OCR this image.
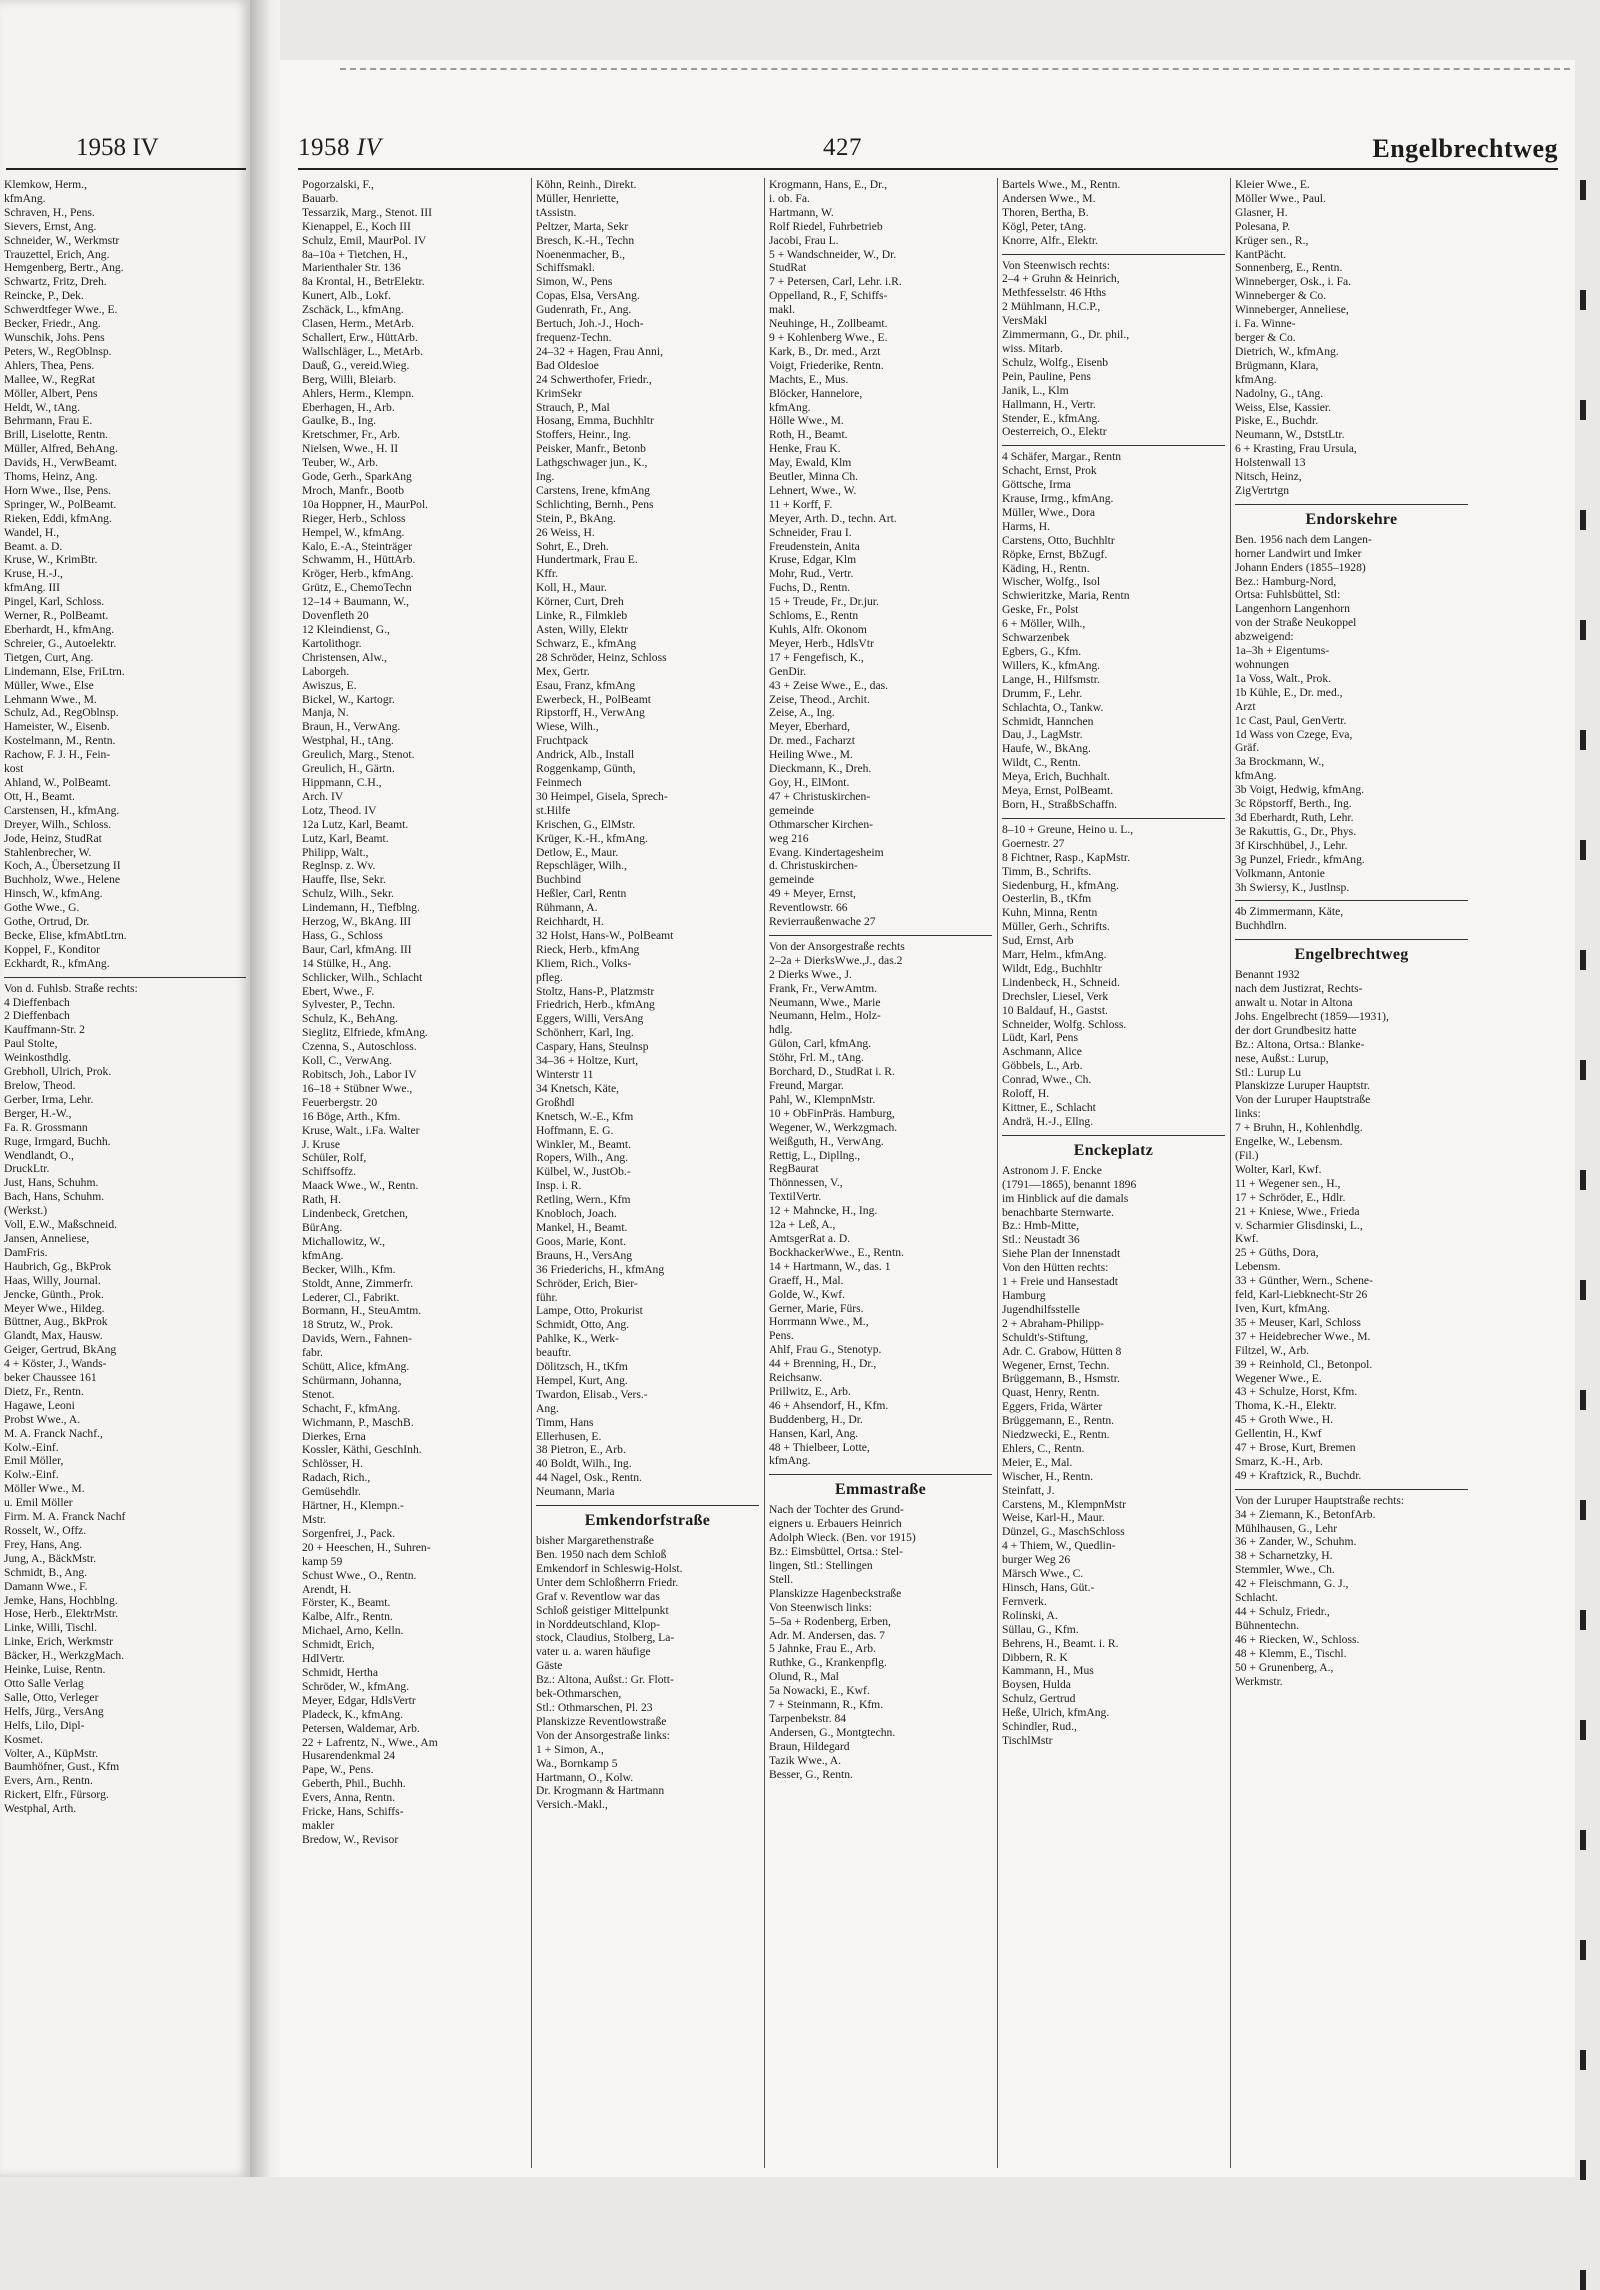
1958 IV
Klemkow, Herm.,
kfmAng.
Schraven, H., Pens.
Sievers, Ernst, Ang.
Schneider, W., Werkmstr
Trauzettel, Erich, Ang.
Hemgenberg, Bertr., Ang.
Schwartz, Fritz, Dreh.
Reincke, P., Dek.
Schwerdtfeger Wwe., E.
Becker, Friedr., Ang.
Wunschik, Johs. Pens
Peters, W., RegOblnsp.
Ahlers, Thea, Pens.
Mallee, W., RegRat
Möller, Albert, Pens
Heldt, W., tAng.
Behrmann, Frau E.
Brill, Liselotte, Rentn.
Müller, Alfred, BehAng.
Davids, H., VerwBeamt.
Thoms, Heinz, Ang.
Horn Wwe., Ilse, Pens.
Springer, W., PolBeamt.
Rieken, Eddi, kfmAng.
Wandel, H.,
Beamt. a. D.
Kruse, W., KrimBtr.
Kruse, H.-J.,
kfmAng. III
Pingel, Karl, Schloss.
Werner, R., PolBeamt.
Eberhardt, H., kfmAng.
Schreier, G., Autoelektr.
Tietgen, Curt, Ang.
Lindemann, Else, FriLtrn.
Müller, Wwe., Else
Lehmann Wwe., M.
Schulz, Ad., RegOblnsp.
Hameister, W., Eisenb.
Kostelmann, M., Rentn.
Rachow, F. J. H., Fein-
kost
Ahland, W., PolBeamt.
Ott, H., Beamt.
Carstensen, H., kfmAng.
Dreyer, Wilh., Schloss.
Jode, Heinz, StudRat
Stahlenbrecher, W.
Koch, A., Übersetzung II
Buchholz, Wwe., Helene
Hinsch, W., kfmAng.
Gothe Wwe., G.
Gothe, Ortrud, Dr.
Becke, Elise, kfmAbtLtrn.
Koppel, F., Konditor
Eckhardt, R., kfmAng.
Von d. Fuhlsb. Straße rechts:
4 Dieffenbach
2 Dieffenbach
Kauffmann-Str. 2
Paul Stolte,
Weinkosthdlg.
Grebholl, Ulrich, Prok.
Brelow, Theod.
Gerber, Irma, Lehr.
Berger, H.-W.,
Fa. R. Grossmann
Ruge, Irmgard, Buchh.
Wendlandt, O.,
DruckLtr.
Just, Hans, Schuhm.
Bach, Hans, Schuhm.
(Werkst.)
Voll, E.W., Maßschneid.
Jansen, Anneliese,
DamFris.
Haubrich, Gg., BkProk
Haas, Willy, Journal.
Jencke, Günth., Prok.
Meyer Wwe., Hildeg.
Büttner, Aug., BkProk
Glandt, Max, Hausw.
Geiger, Gertrud, BkAng
4 + Köster, J., Wands-
beker Chaussee 161
Dietz, Fr., Rentn.
Hagawe, Leoni
Probst Wwe., A.
M. A. Franck Nachf.,
Kolw.-Einf.
Emil Möller,
Kolw.-Einf.
Möller Wwe., M.
u. Emil Möller
Firm. M. A. Franck Nachf
Rosselt, W., Offz.
Frey, Hans, Ang.
Jung, A., BäckMstr.
Schmidt, B., Ang.
Damann Wwe., F.
Jemke, Hans, Hochblng.
Hose, Herb., ElektrMstr.
Linke, Willi, Tischl.
Linke, Erich, Werkmstr
Bäcker, H., WerkzgMach.
Heinke, Luise, Rentn.
Otto Salle Verlag
Salle, Otto, Verleger
Helfs, Jürg., VersAng
Helfs, Lilo, Dipl-
Kosmet.
Volter, A., KüpMstr.
Baumhöfner, Gust., Kfm
Evers, Arn., Rentn.
Rickert, Elfr., Fürsorg.
Westphal, Arth.
1958 IV	427	Engelbrechtweg
Pogorzalski, F.,
Bauarb.
Tessarzik, Marg., Stenot. III
Kienappel, E., Koch III
Schulz, Emil, MaurPol. IV
8a–10a + Tietchen, H.,
Marienthaler Str. 136
8a Krontal, H., BetrElektr.
Kunert, Alb., Lokf.
Zschäck, L., kfmAng.
Clasen, Herm., MetArb.
Schallert, Erw., HüttArb.
Wallschläger, L., MetArb.
Dauß, G., vereid.Wieg.
Berg, Willi, Bleiarb.
Ahlers, Herm., Klempn.
Eberhagen, H., Arb.
Gaulke, B., Ing.
Kretschmer, Fr., Arb.
Nielsen, Wwe., H. II
Teuber, W., Arb.
Gode, Gerh., SparkAng
Mroch, Manfr., Bootb
10a Hoppner, H., MaurPol.
Rieger, Herb., Schloss
Hempel, W., kfmAng.
Kalo, E.-A., Steinträger
Schwamm, H., HüttArb.
Kröger, Herb., kfmAng.
Grütz, E., ChemoTechn
12–14 + Baumann, W.,
Dovenfleth 20
12 Kleindienst, G.,
Kartolithogr.
Christensen, Alw.,
Laborgeh.
Awiszus, E.
Bickel, W., Kartogr.
Manja, N.
Braun, H., VerwAng.
Westphal, H., tAng.
Greulich, Marg., Stenot.
Greulich, H., Gärtn.
Hippmann, C.H.,
Arch. IV
Lotz, Theod. IV
12a Lutz, Karl, Beamt.
Lutz, Karl, Beamt.
Philipp, Walt.,
Reglnsp. z. Wv.
Hauffe, Ilse, Sekr.
Schulz, Wilh., Sekr.
Lindemann, H., Tiefblng.
Herzog, W., BkAng. III
Hass, G., Schloss
Baur, Carl, kfmAng. III
14 Stülke, H., Ang.
Schlicker, Wilh., Schlacht
Ebert, Wwe., F.
Sylvester, P., Techn.
Schulz, K., BehAng.
Sieglitz, Elfriede, kfmAng.
Czenna, S., Autoschloss.
Koll, C., VerwAng.
Robitsch, Joh., Labor IV
16–18 + Stübner Wwe.,
Feuerbergstr. 20
16 Böge, Arth., Kfm.
Kruse, Walt., i.Fa. Walter
J. Kruse
Schüler, Rolf,
Schiffsoffz.
Maack Wwe., W., Rentn.
Rath, H.
Lindenbeck, Gretchen,
BürAng.
Michallowitz, W.,
kfmAng.
Becker, Wilh., Kfm.
Stoldt, Anne, Zimmerfr.
Lederer, Cl., Fabrikt.
Bormann, H., SteuAmtm.
18 Strutz, W., Prok.
Davids, Wern., Fahnen-
fabr.
Schütt, Alice, kfmAng.
Schürmann, Johanna,
Stenot.
Schacht, F., kfmAng.
Wichmann, P., MaschB.
Dierkes, Erna
Kossler, Käthi, GeschInh.
Schlösser, H.
Radach, Rich.,
Gemüsehdlr.
Härtner, H., Klempn.-
Mstr.
Sorgenfrei, J., Pack.
20 + Heeschen, H., Suhren-
kamp 59
Schust Wwe., O., Rentn.
Arendt, H.
Förster, K., Beamt.
Kalbe, Alfr., Rentn.
Michael, Arno, Kelln.
Schmidt, Erich,
HdlVertr.
Schmidt, Hertha
Schröder, W., kfmAng.
Meyer, Edgar, HdlsVertr
Pladeck, K., kfmAng.
Petersen, Waldemar, Arb.
22 + Lafrentz, N., Wwe., Am
Husarendenkmal 24
Pape, W., Pens.
Geberth, Phil., Buchh.
Evers, Anna, Rentn.
Fricke, Hans, Schiffs-
makler
Bredow, W., Revisor
Köhn, Reinh., Direkt.
Müller, Henriette,
tAssistn.
Peltzer, Marta, Sekr
Bresch, K.-H., Techn
Noenenmacher, B.,
Schiffsmakl.
Simon, W., Pens
Copas, Elsa, VersAng.
Gudenrath, Fr., Ang.
Bertuch, Joh.-J., Hoch-
frequenz-Techn.
24–32 + Hagen, Frau Anni,
Bad Oldesloe
24 Schwerthofer, Friedr.,
KrimSekr
Strauch, P., Mal
Hosang, Emma, Buchhltr
Stoffers, Heinr., Ing.
Peisker, Manfr., Betonb
Lathgschwager jun., K.,
Ing.
Carstens, Irene, kfmAng
Schlichting, Bernh., Pens
Stein, P., BkAng.
26 Weiss, H.
Sohrt, E., Dreh.
Hundertmark, Frau E.
Kffr.
Koll, H., Maur.
Körner, Curt, Dreh
Linke, R., Filmkleb
Asten, Willy, Elektr
Schwarz, E., kfmAng
28 Schröder, Heinz, Schloss
Mex, Gertr.
Esau, Franz, kfmAng
Ewerbeck, H., PolBeamt
Ripstorff, H., VerwAng
Wiese, Wilh.,
Fruchtpack
Andrick, Alb., Install
Roggenkamp, Günth,
Feinmech
30 Heimpel, Gisela, Sprech-
st.Hilfe
Krischen, G., ElMstr.
Krüger, K.-H., kfmAng.
Detlow, E., Maur.
Repschläger, Wilh.,
Buchbind
Heßler, Carl, Rentn
Rühmann, A.
Reichhardt, H.
32 Holst, Hans-W., PolBeamt
Rieck, Herb., kfmAng
Kliem, Rich., Volks-
pfleg.
Stoltz, Hans-P., Platzmstr
Friedrich, Herb., kfmAng
Eggers, Willi, VersAng
Schönherr, Karl, Ing.
Caspary, Hans, Steulnsp
34–36 + Holtze, Kurt,
Winterstr 11
34 Knetsch, Käte,
Großhdl
Knetsch, W.-E., Kfm
Hoffmann, E. G.
Winkler, M., Beamt.
Ropers, Wilh., Ang.
Külbel, W., JustOb.-
Insp. i. R.
Retling, Wern., Kfm
Knobloch, Joach.
Mankel, H., Beamt.
Goos, Marie, Kont.
Brauns, H., VersAng
36 Friederichs, H., kfmAng
Schröder, Erich, Bier-
führ.
Lampe, Otto, Prokurist
Schmidt, Otto, Ang.
Pahlke, K., Werk-
beauftr.
Dölitzsch, H., tKfm
Hempel, Kurt, Ang.
Twardon, Elisab., Vers.-
Ang.
Timm, Hans
Ellerhusen, E.
38 Pietron, E., Arb.
40 Boldt, Wilh., Ing.
44 Nagel, Osk., Rentn.
Neumann, Maria
Emkendorfstraße
bisher Margarethenstraße
Ben. 1950 nach dem Schloß
Emkendorf in Schleswig-Holst.
Unter dem Schloßherrn Friedr.
Graf v. Reventlow war das
Schloß geistiger Mittelpunkt
in Norddeutschland, Klop-
stock, Claudius, Stolberg, La-
vater u. a. waren häufige
Gäste
Bz.: Altona, Außst.: Gr. Flott-
bek-Othmarschen,
Stl.: Othmarschen, Pl. 23
Planskizze Reventlowstraße
Von der Ansorgestraße links:
1 + Simon, A.,
Wa., Bornkamp 5
Hartmann, O., Kolw.
Dr. Krogmann & Hartmann
Versich.-Makl.,
Krogmann, Hans, E., Dr.,
i. ob. Fa.
Hartmann, W.
Rolf Riedel, Fuhrbetrieb
Jacobi, Frau L.
5 + Wandschneider, W., Dr.
StudRat
7 + Petersen, Carl, Lehr. i.R.
Oppelland, R., F, Schiffs-
makl.
Neuhinge, H., Zollbeamt.
9 + Kohlenberg Wwe., E.
Kark, B., Dr. med., Arzt
Voigt, Friederike, Rentn.
Machts, E., Mus.
Blöcker, Hannelore,
kfmAng.
Hölle Wwe., M.
Roth, H., Beamt.
Henke, Frau K.
May, Ewald, Klm
Beutler, Minna Ch.
Lehnert, Wwe., W.
11 + Korff, F.
Meyer, Arth. D., techn. Art.
Schneider, Frau I.
Freudenstein, Anita
Kruse, Edgar, Klm
Mohr, Rud., Vertr.
Fuchs, D., Rentn.
15 + Treude, Fr., Dr.jur.
Schloms, E., Rentn
Kuhls, Alfr. Okonom
Meyer, Herb., HdlsVtr
17 + Fengefisch, K.,
GenDir.
43 + Zeise Wwe., E., das.
Zeise, Theod., Archit.
Zeise, A., Ing.
Meyer, Eberhard,
Dr. med., Facharzt
Heiling Wwe., M.
Dieckmann, K., Dreh.
Goy, H., ElMont.
47 + Christuskirchen-
gemeinde
Othmarscher Kirchen-
weg 216
Evang. Kindertagesheim
d. Christuskirchen-
gemeinde
49 + Meyer, Ernst,
Reventlowstr. 66
Revierraußenwache 27
Von der Ansorgestraße rechts
2–2a + DierksWwe.,J., das.2
2 Dierks Wwe., J.
Frank, Fr., VerwAmtm.
Neumann, Wwe., Marie
Neumann, Helm., Holz-
hdlg.
Gülon, Carl, kfmAng.
Stöhr, Frl. M., tAng.
Borchard, D., StudRat i. R.
Freund, Margar.
Pahl, W., KlempnMstr.
10 + ObFinPräs. Hamburg,
Wegener, W., Werkzgmach.
Weißguth, H., VerwAng.
Rettig, L., Dipllng.,
RegBaurat
Thönnessen, V.,
TextilVertr.
12 + Mahncke, H., Ing.
12a + Leß, A.,
AmtsgerRat a. D.
BockhackerWwe., E., Rentn.
14 + Hartmann, W., das. 1
Graeff, H., Mal.
Golde, W., Kwf.
Gerner, Marie, Fürs.
Horrmann Wwe., M.,
Pens.
Ahlf, Frau G., Stenotyp.
44 + Brenning, H., Dr.,
Reichsanw.
Prillwitz, E., Arb.
46 + Ahsendorf, H., Kfm.
Buddenberg, H., Dr.
Hansen, Karl, Ang.
48 + Thielbeer, Lotte,
kfmAng.
Emmastraße
Nach der Tochter des Grund-
eigners u. Erbauers Heinrich
Adolph Wieck. (Ben. vor 1915)
Bz.: Eimsbüttel, Ortsa.: Stel-
lingen, Stl.: Stellingen
Stell.
Planskizze Hagenbeckstraße
Von Steenwisch links:
5–5a + Rodenberg, Erben,
Adr. M. Andersen, das. 7
5 Jahnke, Frau E., Arb.
Ruthke, G., Krankenpflg.
Olund, R., Mal
5a Nowacki, E., Kwf.
7 + Steinmann, R., Kfm.
Tarpenbekstr. 84
Andersen, G., Montgtechn.
Braun, Hildegard
Tazik Wwe., A.
Besser, G., Rentn.
Bartels Wwe., M., Rentn.
Andersen Wwe., M.
Thoren, Bertha, B.
Kögl, Peter, tAng.
Knorre, Alfr., Elektr.
Von Steenwisch rechts:
2–4 + Gruhn & Heinrich,
Methfesselstr. 46 Hths
2 Mühlmann, H.C.P.,
VersMakl
Zimmermann, G., Dr. phil.,
wiss. Mitarb.
Schulz, Wolfg., Eisenb
Pein, Pauline, Pens
Janik, L., Klm
Hallmann, H., Vertr.
Stender, E., kfmAng.
Oesterreich, O., Elektr
4 Schäfer, Margar., Rentn
Schacht, Ernst, Prok
Göttsche, Irma
Krause, Irmg., kfmAng.
Müller, Wwe., Dora
Harms, H.
Carstens, Otto, Buchhltr
Röpke, Ernst, BbZugf.
Käding, H., Rentn.
Wischer, Wolfg., Isol
Schwieritzke, Maria, Rentn
Geske, Fr., Polst
6 + Möller, Wilh.,
Schwarzenbek
Egbers, G., Kfm.
Willers, K., kfmAng.
Lange, H., Hilfsmstr.
Drumm, F., Lehr.
Schlachta, O., Tankw.
Schmidt, Hannchen
Dau, J., LagMstr.
Haufe, W., BkAng.
Wildt, C., Rentn.
Meya, Erich, Buchhalt.
Meya, Ernst, PolBeamt.
Born, H., StraßbSchaffn.
8–10 + Greune, Heino u. L.,
Goernestr. 27
8 Fichtner, Rasp., KapMstr.
Timm, B., Schrifts.
Siedenburg, H., kfmAng.
Oesterlin, B., tKfm
Kuhn, Minna, Rentn
Müller, Gerh., Schrifts.
Sud, Ernst, Arb
Marr, Helm., kfmAng.
Wildt, Edg., Buchhltr
Lindenbeck, H., Schneid.
Drechsler, Liesel, Verk
10 Baldauf, H., Gastst.
Schneider, Wolfg. Schloss.
Lüdt, Karl, Pens
Aschmann, Alice
Göbbels, L., Arb.
Conrad, Wwe., Ch.
Roloff, H.
Kittner, E., Schlacht
Andrä, H.-J., Ellng.
Enckeplatz
Astronom J. F. Encke
(1791—1865), benannt 1896
im Hinblick auf die damals
benachbarte Sternwarte.
Bz.: Hmb-Mitte,
Stl.: Neustadt 36
Siehe Plan der Innenstadt
Von den Hütten rechts:
1 + Freie und Hansestadt
Hamburg
Jugendhilfsstelle
2 + Abraham-Philipp-
Schuldt's-Stiftung,
Adr. C. Grabow, Hütten 8
Wegener, Ernst, Techn.
Brüggemann, B., Hsmstr.
Quast, Henry, Rentn.
Eggers, Frida, Wärter
Brüggemann, E., Rentn.
Niedzwecki, E., Rentn.
Ehlers, C., Rentn.
Meier, E., Mal.
Wischer, H., Rentn.
Steinfatt, J.
Carstens, M., KlempnMstr
Weise, Karl-H., Maur.
Dünzel, G., MaschSchloss
4 + Thiem, W., Quedlin-
burger Weg 26
Märsch Wwe., C.
Hinsch, Hans, Güt.-
Fernverk.
Rolinski, A.
Süllau, G., Kfm.
Behrens, H., Beamt. i. R.
Dibbern, R. K
Kammann, H., Mus
Boysen, Hulda
Schulz, Gertrud
Heße, Ulrich, kfmAng.
Schindler, Rud.,
TischlMstr
Kleier Wwe., E.
Möller Wwe., Paul.
Glasner, H.
Polesana, P.
Krüger sen., R.,
KantPächt.
Sonnenberg, E., Rentn.
Winneberger, Osk., i. Fa.
Winneberger & Co.
Winneberger, Anneliese,
i. Fa. Winne-
berger & Co.
Dietrich, W., kfmAng.
Brügmann, Klara,
kfmAng.
Nadolny, G., tAng.
Weiss, Else, Kassier.
Piske, E., Buchdr.
Neumann, W., DststLtr.
6 + Krasting, Frau Ursula,
Holstenwall 13
Nitsch, Heinz,
ZigVertrtgn
Endorskehre
Ben. 1956 nach dem Langen-
horner Landwirt und Imker
Johann Enders (1855–1928)
Bez.: Hamburg-Nord,
Ortsa: Fuhlsbüttel, Stl:
Langenhorn Langenhorn
von der Straße Neukoppel
abzweigend:
1a–3h + Eigentums-
wohnungen
1a Voss, Walt., Prok.
1b Kühle, E., Dr. med.,
Arzt
1c Cast, Paul, GenVertr.
1d Wass von Czege, Eva,
Gräf.
3a Brockmann, W.,
kfmAng.
3b Voigt, Hedwig, kfmAng.
3c Röpstorff, Berth., Ing.
3d Eberhardt, Ruth, Lehr.
3e Rakuttis, G., Dr., Phys.
3f Kirschhübel, J., Lehr.
3g Punzel, Friedr., kfmAng.
Volkmann, Antonie
3h Swiersy, K., Justlnsp.
4b Zimmermann, Käte,
Buchhdlrn.
Engelbrechtweg
Benannt 1932
nach dem Justizrat, Rechts-
anwalt u. Notar in Altona
Johs. Engelbrecht (1859—1931),
der dort Grundbesitz hatte
Bz.: Altona, Ortsa.: Blanke-
nese, Außst.: Lurup,
Stl.: Lurup Lu
Planskizze Luruper Hauptstr.
Von der Luruper Hauptstraße
links:
7 + Bruhn, H., Kohlenhdlg.
Engelke, W., Lebensm.
(Fil.)
Wolter, Karl, Kwf.
11 + Wegener sen., H.,
17 + Schröder, E., Hdlr.
21 + Kniese, Wwe., Frieda
v. Scharmier Glisdinski, L.,
Kwf.
25 + Güths, Dora,
Lebensm.
33 + Günther, Wern., Schene-
feld, Karl-Liebknecht-Str 26
Iven, Kurt, kfmAng.
35 + Meuser, Karl, Schloss
37 + Heidebrecher Wwe., M.
Filtzel, W., Arb.
39 + Reinhold, Cl., Betonpol.
Wegener Wwe., E.
43 + Schulze, Horst, Kfm.
Thoma, K.-H., Elektr.
45 + Groth Wwe., H.
Gellentin, H., Kwf
47 + Brose, Kurt, Bremen
Smarz, K.-H., Arb.
49 + Kraftzick, R., Buchdr.
Von der Luruper Hauptstraße rechts:
34 + Ziemann, K., BetonfArb.
Mühlhausen, G., Lehr
36 + Zander, W., Schuhm.
38 + Scharnetzky, H.
Stemmler, Wwe., Ch.
42 + Fleischmann, G. J.,
Schlacht.
44 + Schulz, Friedr.,
Bühnentechn.
46 + Riecken, W., Schloss.
48 + Klemm, E., Tischl.
50 + Grunenberg, A.,
Werkmstr.
